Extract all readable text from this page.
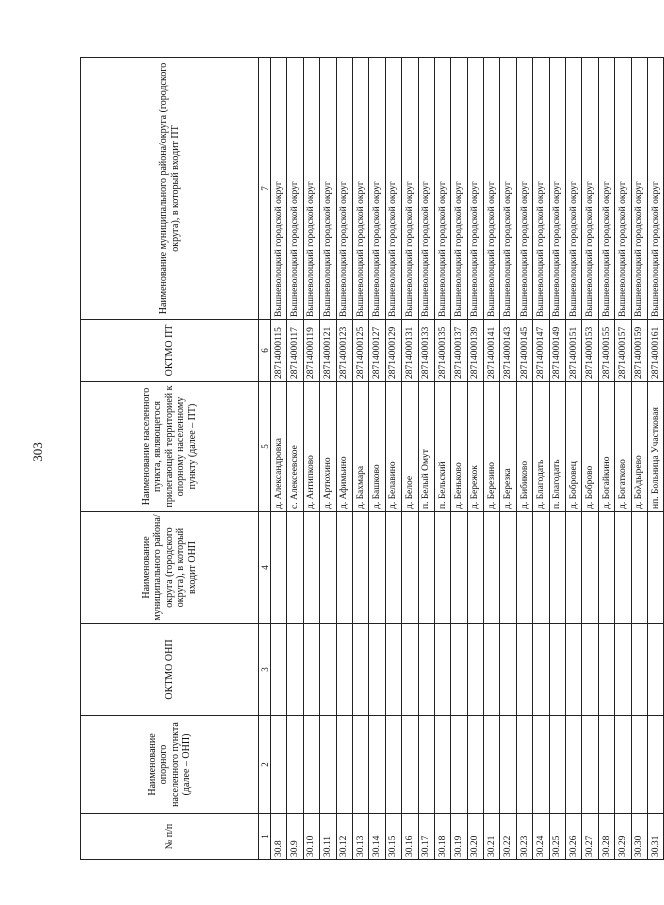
303
№ п/п	Наименование опорного населенного пункта (далее – ОНП)	ОКТМО ОНП	Наименование муниципального района/округа (городского округа), в который входит ОНП	Наименование населенного пункта, являющегося прилегающей территорией к опорному населенному пункту (далее – ПТ)	ОКТМО ПТ	Наименование муниципального района/округа (городского округа), в который входит ПТ
1	2	3	4	5	6	7
30.8				д. Александровка	28714000115	Вышневолоцкий городской округ
30.9				с. Алексеевское	28714000117	Вышневолоцкий городской округ
30.10				д. Антипково	28714000119	Вышневолоцкий городской округ
30.11				д. Артюхино	28714000121	Вышневолоцкий городской округ
30.12				д. Афимьино	28714000123	Вышневолоцкий городской округ
30.13				д. Бахмара	28714000125	Вышневолоцкий городской округ
30.14				д. Башково	28714000127	Вышневолоцкий городской округ
30.15				д. Белавино	28714000129	Вышневолоцкий городской округ
30.16				д. Белое	28714000131	Вышневолоцкий городской округ
30.17				п. Белый Омут	28714000133	Вышневолоцкий городской округ
30.18				п. Бельский	28714000135	Вышневолоцкий городской округ
30.19				д. Беньково	28714000137	Вышневолоцкий городской округ
30.20				д. Бережок	28714000139	Вышневолоцкий городской округ
30.21				д. Березино	28714000141	Вышневолоцкий городской округ
30.22				д. Березка	28714000143	Вышневолоцкий городской округ
30.23				д. Бибиково	28714000145	Вышневолоцкий городской округ
30.24				д. Благодать	28714000147	Вышневолоцкий городской округ
30.25				п. Благодать	28714000149	Вышневолоцкий городской округ
30.26				д. Бобровец	28714000151	Вышневолоцкий городской округ
30.27				д. Боброво	28714000153	Вышневолоцкий городской округ
30.28				д. Богайкино	28714000155	Вышневолоцкий городской округ
30.29				д. Богатково	28714000157	Вышневолоцкий городской округ
30.30				д. Бολдырево	28714000159	Вышневолоцкий городской округ
30.31				нп. Больница Участковая	28714000161	Вышневолоцкий городской округ
